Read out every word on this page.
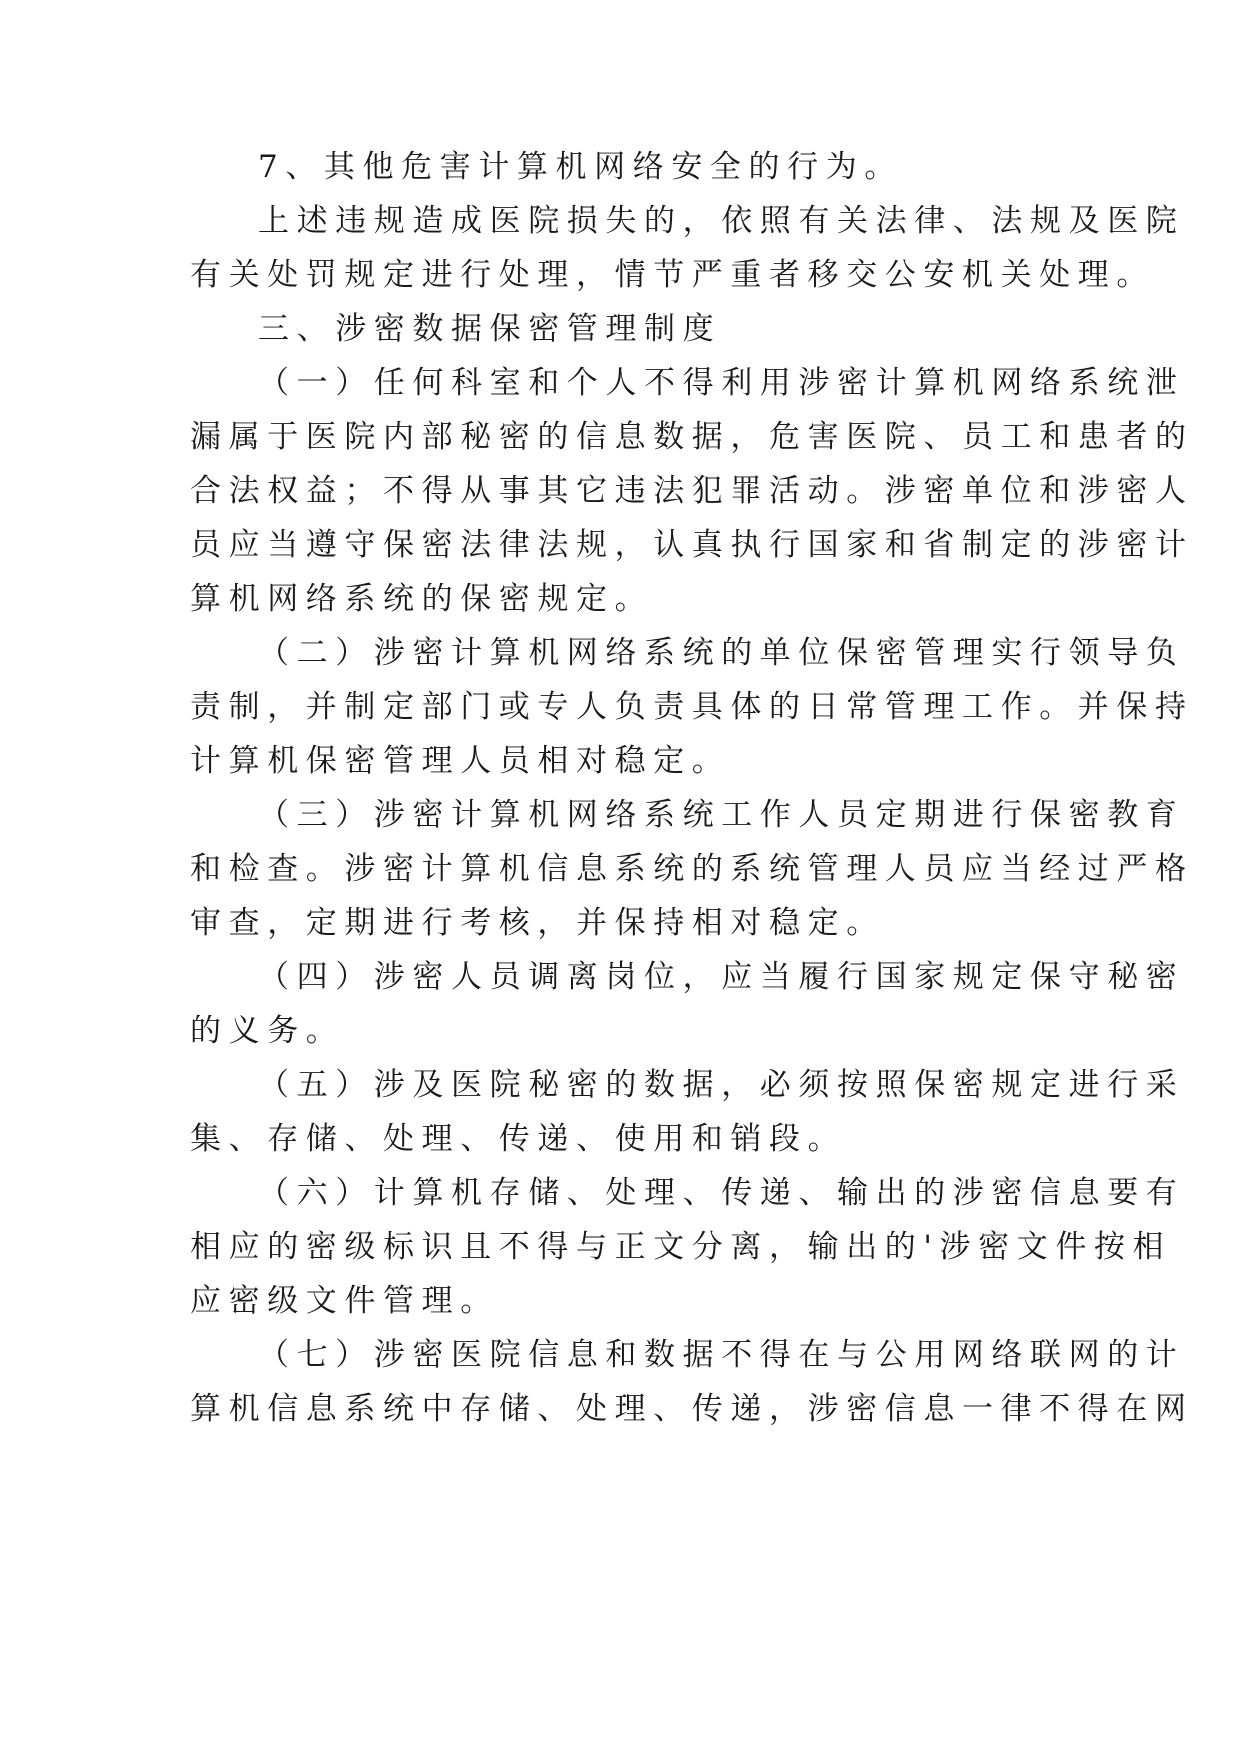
7、其他危害计算机网络安全的行为。
上述违规造成医院损失的，依照有关法律、法规及医院
有关处罚规定进行处理，情节严重者移交公安机关处理。
三、涉密数据保密管理制度
（一）任何科室和个人不得利用涉密计算机网络系统泄
漏属于医院内部秘密的信息数据，危害医院、员工和患者的
合法权益；不得从事其它违法犯罪活动。涉密单位和涉密人
员应当遵守保密法律法规，认真执行国家和省制定的涉密计
算机网络系统的保密规定。
（二）涉密计算机网络系统的单位保密管理实行领导负
责制，并制定部门或专人负责具体的日常管理工作。并保持
计算机保密管理人员相对稳定。
（三）涉密计算机网络系统工作人员定期进行保密教育
和检查。涉密计算机信息系统的系统管理人员应当经过严格
审查，定期进行考核，并保持相对稳定。
（四）涉密人员调离岗位，应当履行国家规定保守秘密
的义务。
（五）涉及医院秘密的数据，必须按照保密规定进行采
集、存储、处理、传递、使用和销段。
（六）计算机存储、处理、传递、输出的涉密信息要有
相应的密级标识且不得与正文分离，输出的'涉密文件按相
应密级文件管理。
（七）涉密医院信息和数据不得在与公用网络联网的计
算机信息系统中存储、处理、传递，涉密信息一律不得在网
